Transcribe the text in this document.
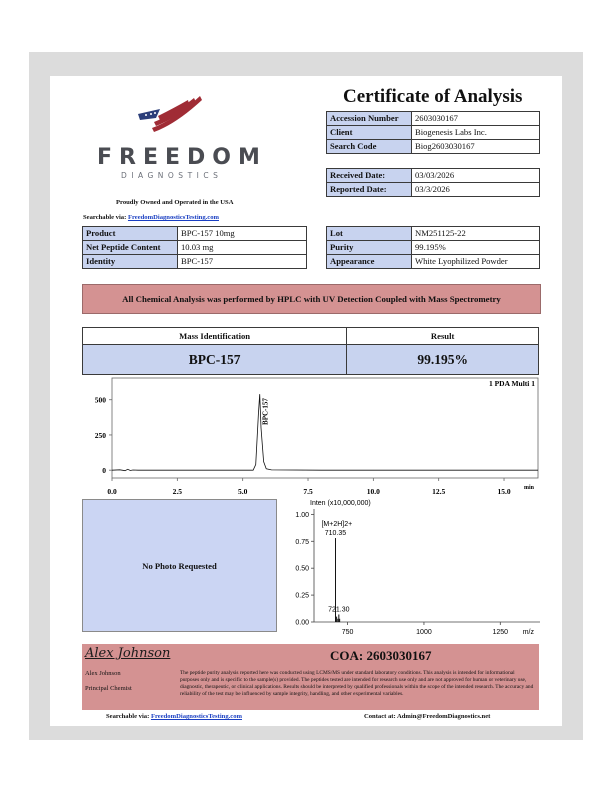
FREEDOM
DIAGNOSTICS
Proudly Owned and Operated in the USA
Searchable via: FreedomDiagnosticsTesting.com
Certificate of Analysis
Accession Number	2603030167
Client	Biogenesis Labs Inc.
Search Code	Biog2603030167
Received Date:	03/03/2026
Reported Date:	03/3/2026
Product	BPC-157 10mg
Net Peptide Content	10.03 mg
Identity	BPC-157
Lot	NM251125-22
Purity	99.195%
Appearance	White Lyophilized Powder
All Chemical Analysis was performed by HPLC with UV Detection Coupled with Mass Spectrometry
Mass Identification	Result
BPC-157	99.195%
1 PDA Multi 1
min
0.0	2.5	5.0	7.5	10.0	12.5	15.0
0
250
500	BPC-157
No Photo Requested
Inten (x10,000,000)
[M+2H]2+
0.00
0.25
0.50
0.75
1.00
750	1000	1250
710.35
721.30
m/z
Alex Johnson
Alex Johnson
Principal Chemist
COA: 2603030167
The peptide purity analysis reported here was conducted using LCMS/MS under standard laboratory conditions. This analysis is intended for informational purposes only and is specific to the sample(s) provided. The peptides tested are intended for research use only and are not approved for human or veterinary use, diagnostic, therapeutic, or clinical applications. Results should be interpreted by qualified professionals within the scope of the intended research. The accuracy and reliability of the test may be influenced by sample integrity, handling, and other experimental variables.
Searchable via: FreedomDiagnosticsTesting.com	Contact at: Admin@FreedomDiagnostics.net
